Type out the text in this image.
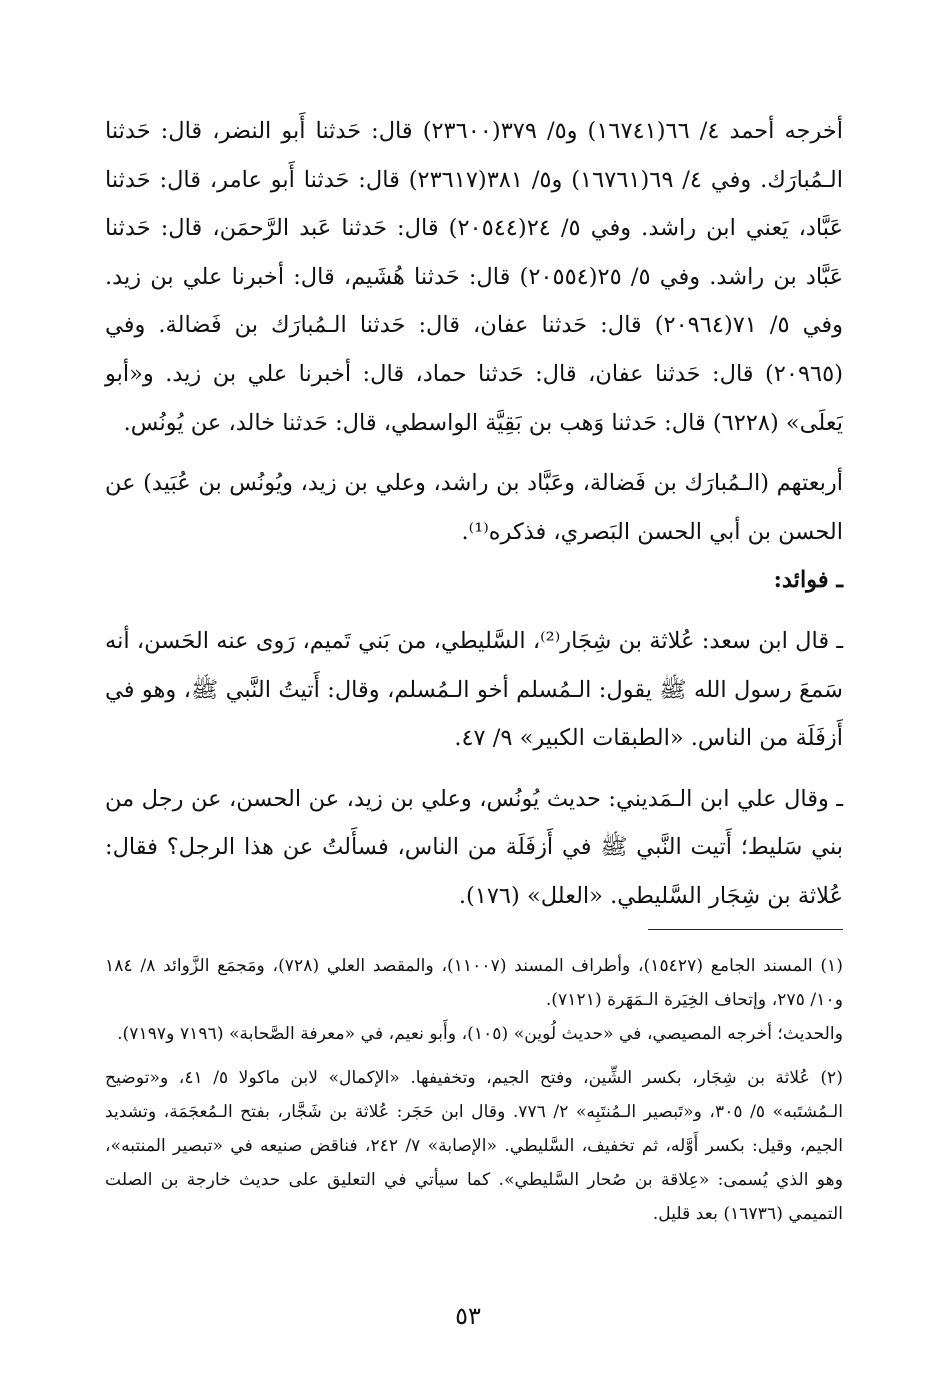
أخرجه أحمد ٤/ ٦٦(١٦٧٤١) و٥/ ٣٧٩(٢٣٦٠٠) قال: حَدثنا أَبو النضر، قال: حَدثنا الـمُبارَك. وفي ٤/ ٦٩(١٦٧٦١) و٥/ ٣٨١(٢٣٦١٧) قال: حَدثنا أَبو عامر، قال: حَدثنا عَبَّاد، يَعني ابن راشد. وفي ٥/ ٢٤(٢٠٥٤٤) قال: حَدثنا عَبد الرَّحمَن، قال: حَدثنا عَبَّاد بن راشد. وفي ٥/ ٢٥(٢٠٥٥٤) قال: حَدثنا هُشَيم، قال: أخبرنا علي بن زيد. وفي ٥/ ٧١(٢٠٩٦٤) قال: حَدثنا عفان، قال: حَدثنا الـمُبارَك بن فَضالة. وفي (٢٠٩٦٥) قال: حَدثنا عفان، قال: حَدثنا حماد، قال: أخبرنا علي بن زيد. و«أبو يَعلَى» (٦٢٢٨) قال: حَدثنا وَهب بن بَقِيَّة الواسطي، قال: حَدثنا خالد، عن يُونُس.

أربعتهم (الـمُبارَك بن فَضالة، وعَبَّاد بن راشد، وعلي بن زيد، ويُونُس بن عُبَيد) عن الحسن بن أبي الحسن البَصري، فذكره⁽¹⁾.

ـ فوائد:

ـ قال ابن سعد: عُلاثة بن شِجَار⁽²⁾، السَّليطي، من بَني تَميم، رَوى عنه الحَسن، أنه سَمعَ رسول الله ﷺ يقول: الـمُسلم أخو الـمُسلم، وقال: أَتيتُ النَّبي ﷺ، وهو في أَزفَلَة من الناس. «الطبقات الكبير» ٩/ ٤٧.

ـ وقال علي ابن الـمَديني: حديث يُونُس، وعلي بن زيد، عن الحسن، عن رجل من بني سَليط؛ أَتيت النَّبي ﷺ في أَزفَلَة من الناس، فسأَلتُ عن هذا الرجل؟ فقال: عُلاثة بن شِجَار السَّليطي. «العلل» (١٧٦).

(١) المسند الجامع (١٥٤٢٧)، وأطراف المسند (١١٠٠٧)، والمقصد العلي (٧٢٨)، ومَجمَع الزَّوائد ٨/ ١٨٤ و١٠/ ٢٧٥، وإتحاف الخِيَرة الـمَهَرة (٧١٢١).

والحديث؛ أخرجه المصيصي، في «حديث لُوين» (١٠٥)، وأَبو نعيم، في «معرفة الصَّحابة» (٧١٩٦ و٧١٩٧).

(٢) عُلاثة بن شِجَار، بكسر الشِّين، وفتح الجيم، وتخفيفها. «الإكمال» لابن ماكولا ٥/ ٤١، و«توضيح الـمُشتَبه» ٥/ ٣٠٥، و«تَبصير الـمُنتَبِه» ٢/ ٧٧٦. وقال ابن حَجَر: عُلاثة بن شَجَّار، بفتح الـمُعجَمَة، وتشديد الجيم، وقيل: بكسر أَوَّله، ثم تخفيف، السَّليطي. «الإصابة» ٧/ ٢٤٢، فناقض صنيعه في «تبصير المنتبه»، وهو الذي يُسمى: «عِلاقة بن صُحار السَّليطي». كما سيأتي في التعليق على حديث خارجة بن الصلت التميمي (١٦٧٣٦) بعد قليل.

٥٣
